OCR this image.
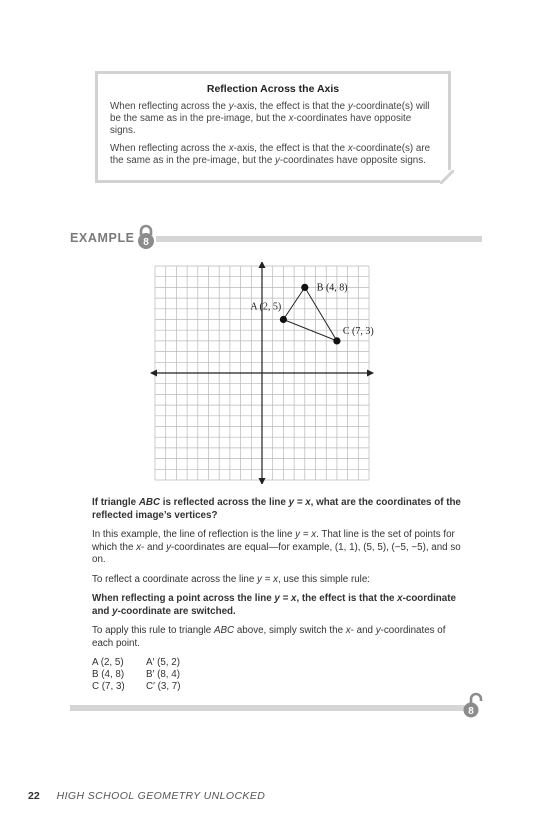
Reflection Across the Axis

When reflecting across the y-axis, the effect is that the y-coordinate(s) will be the same as in the pre-image, but the x-coordinates have opposite signs.

When reflecting across the x-axis, the effect is that the x-coordinate(s) are the same as in the pre-image, but the y-coordinates have opposite signs.

EXAMPLE 8
A (2, 5)
B (4, 8)
C (7, 3)

If triangle ABC is reflected across the line y = x, what are the coordinates of the reflected image’s vertices?

In this example, the line of reflection is the line y = x. That line is the set of points for which the x- and y-coordinates are equal—for example, (1, 1), (5, 5), (−5, −5), and so on.

To reflect a coordinate across the line y = x, use this simple rule:

When reflecting a point across the line y = x, the effect is that the x-coordinate and y-coordinate are switched.

To apply this rule to triangle ABC above, simply switch the x- and y-coordinates of each point.

A (2, 5)	A′ (5, 2)
B (4, 8)	B′ (8, 4)
C (7, 3)	C′ (3, 7)
8
22 HIGH SCHOOL GEOMETRY UNLOCKED
